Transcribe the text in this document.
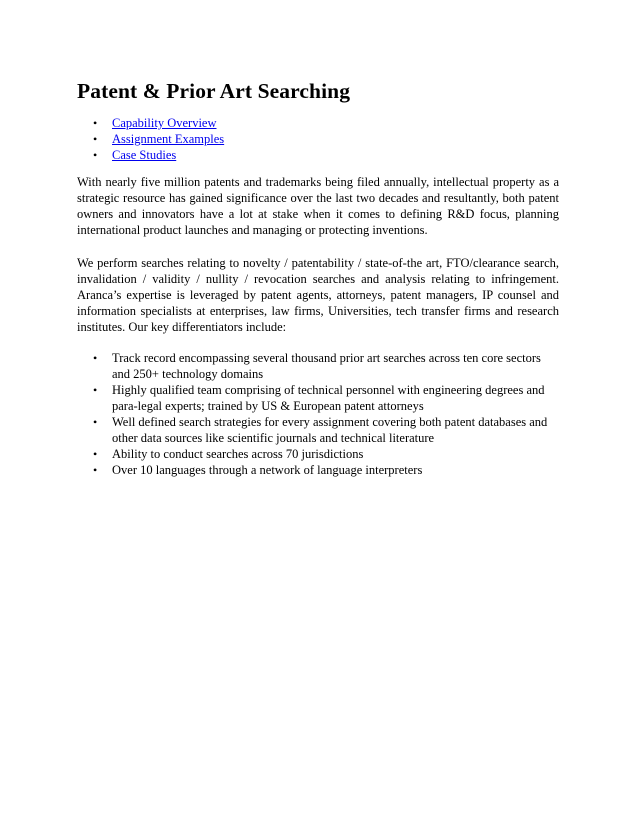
Patent & Prior Art Searching
• Capability Overview
• Assignment Examples
• Case Studies

With nearly five million patents and trademarks being filed annually, intellectual property as a strategic resource has gained significance over the last two decades and resultantly, both patent owners and innovators have a lot at stake when it comes to defining R&D focus, planning international product launches and managing or protecting inventions.

We perform searches relating to novelty / patentability / state-of-the art, FTO/clearance search, invalidation / validity / nullity / revocation searches and analysis relating to infringement. Aranca’s expertise is leveraged by patent agents, attorneys, patent managers, IP counsel and information specialists at enterprises, law firms, Universities, tech transfer firms and research institutes. Our key differentiators include:

• Track record encompassing several thousand prior art searches across ten core sectors and 250+ technology domains
• Highly qualified team comprising of technical personnel with engineering degrees and para-legal experts; trained by US & European patent attorneys
• Well defined search strategies for every assignment covering both patent databases and other data sources like scientific journals and technical literature
• Ability to conduct searches across 70 jurisdictions
• Over 10 languages through a network of language interpreters
